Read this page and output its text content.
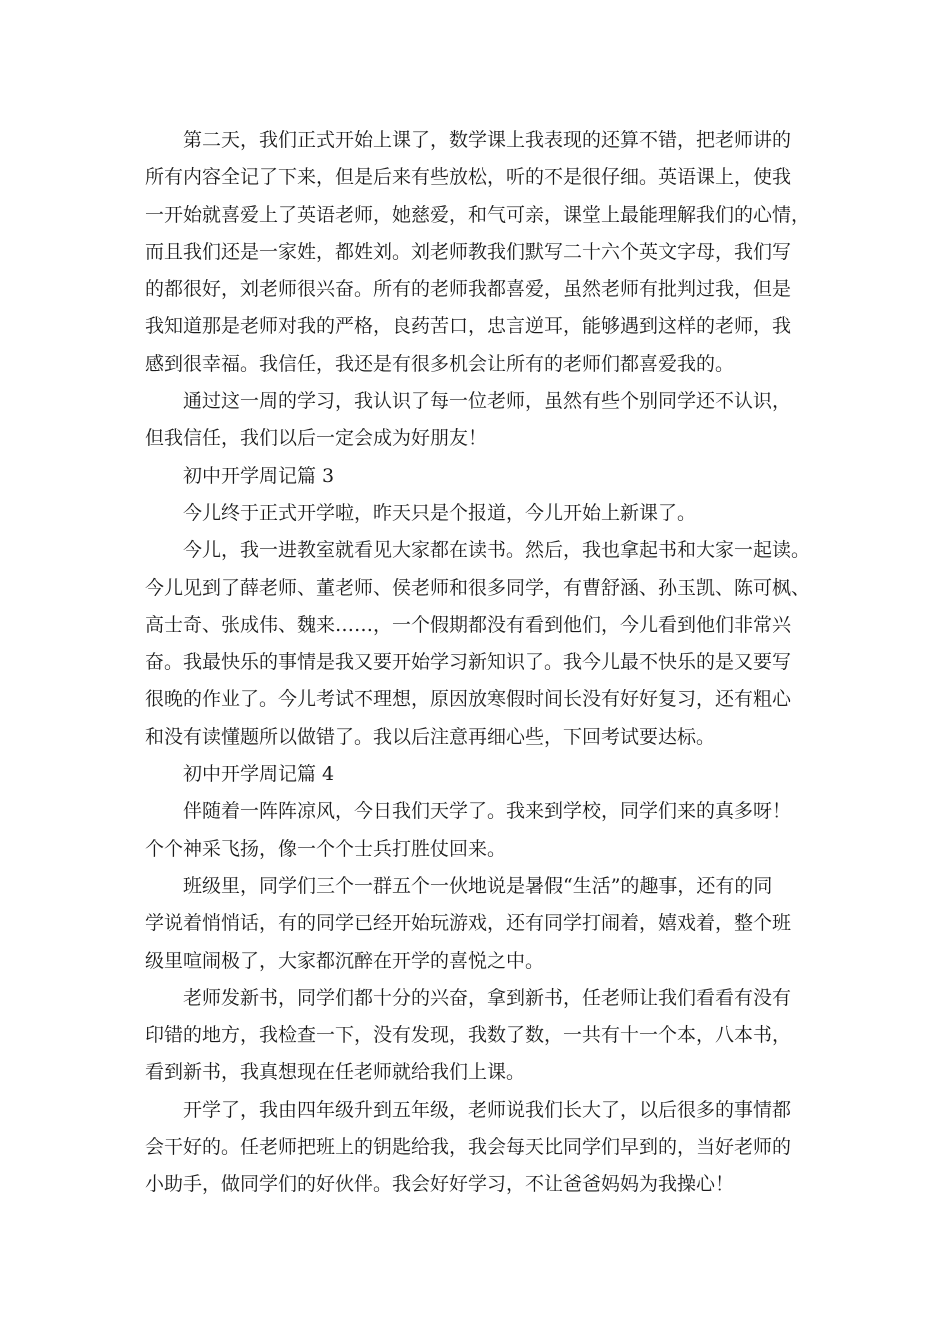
第二天，我们正式开始上课了，数学课上我表现的还算不错，把老师讲的
所有内容全记了下来，但是后来有些放松，听的不是很仔细。英语课上，使我
一开始就喜爱上了英语老师，她慈爱，和气可亲，课堂上最能理解我们的心情，
而且我们还是一家姓，都姓刘。刘老师教我们默写二十六个英文字母，我们写
的都很好，刘老师很兴奋。所有的老师我都喜爱，虽然老师有批判过我，但是
我知道那是老师对我的严格，良药苦口，忠言逆耳，能够遇到这样的老师，我
感到很幸福。我信任，我还是有很多机会让所有的老师们都喜爱我的。
通过这一周的学习，我认识了每一位老师，虽然有些个别同学还不认识，
但我信任，我们以后一定会成为好朋友！
初中开学周记篇 3
今儿终于正式开学啦，昨天只是个报道，今儿开始上新课了。
今儿，我一进教室就看见大家都在读书。然后，我也拿起书和大家一起读。
今儿见到了薛老师、董老师、侯老师和很多同学，有曹舒涵、孙玉凯、陈可枫、
高士奇、张成伟、魏来……，一个假期都没有看到他们，今儿看到他们非常兴
奋。我最快乐的事情是我又要开始学习新知识了。我今儿最不快乐的是又要写
很晚的作业了。今儿考试不理想，原因放寒假时间长没有好好复习，还有粗心
和没有读懂题所以做错了。我以后注意再细心些，下回考试要达标。
初中开学周记篇 4
伴随着一阵阵凉风，今日我们天学了。我来到学校，同学们来的真多呀！
个个神采飞扬，像一个个士兵打胜仗回来。
班级里，同学们三个一群五个一伙地说是暑假“生活”的趣事，还有的同
学说着悄悄话，有的同学已经开始玩游戏，还有同学打闹着，嬉戏着，整个班
级里喧闹极了，大家都沉醉在开学的喜悦之中。
老师发新书，同学们都十分的兴奋，拿到新书，任老师让我们看看有没有
印错的地方，我检查一下，没有发现，我数了数，一共有十一个本，八本书，
看到新书，我真想现在任老师就给我们上课。
开学了，我由四年级升到五年级，老师说我们长大了，以后很多的事情都
会干好的。任老师把班上的钥匙给我，我会每天比同学们早到的，当好老师的
小助手，做同学们的好伙伴。我会好好学习，不让爸爸妈妈为我操心！
